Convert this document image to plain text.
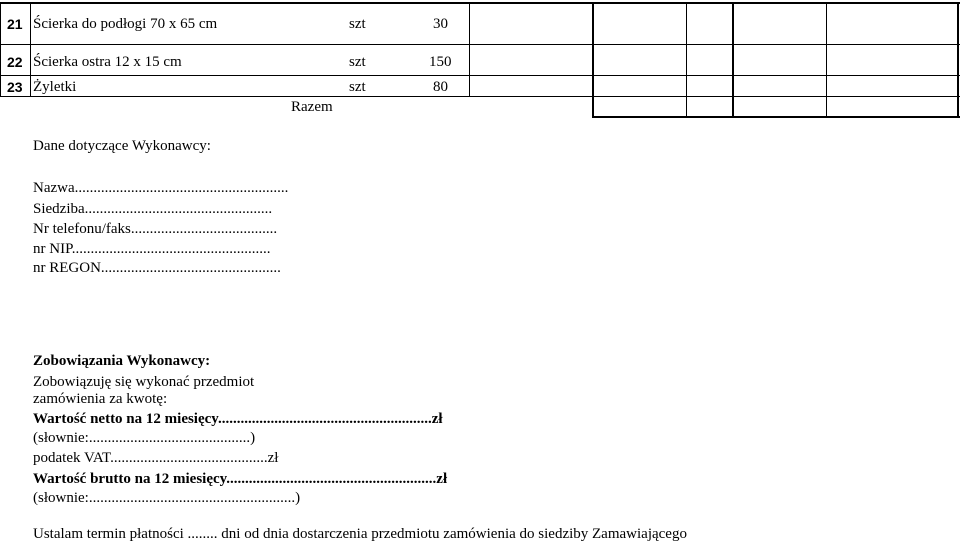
21 Ścierka do podłogi 70 x 65 cm	szt	30
22 Ścierka ostra 12 x 15 cm	szt	150
23 Żyletki	szt	80
Razem
Dane dotyczące Wykonawcy:
Nazwa.........................................................
Siedziba..................................................
Nr telefonu/faks.......................................
nr NIP.....................................................
nr REGON................................................
Zobowiązania Wykonawcy:
Zobowiązuję się wykonać przedmiot
zamówienia za kwotę:
Wartość netto na 12 miesięcy.........................................................zł
(słownie:...........................................)
podatek VAT..........................................zł
Wartość brutto na 12 miesięcy........................................................zł
(słownie:.......................................................)
Ustalam termin płatności ........ dni od dnia dostarczenia przedmiotu zamówienia do siedziby Zamawiającego
